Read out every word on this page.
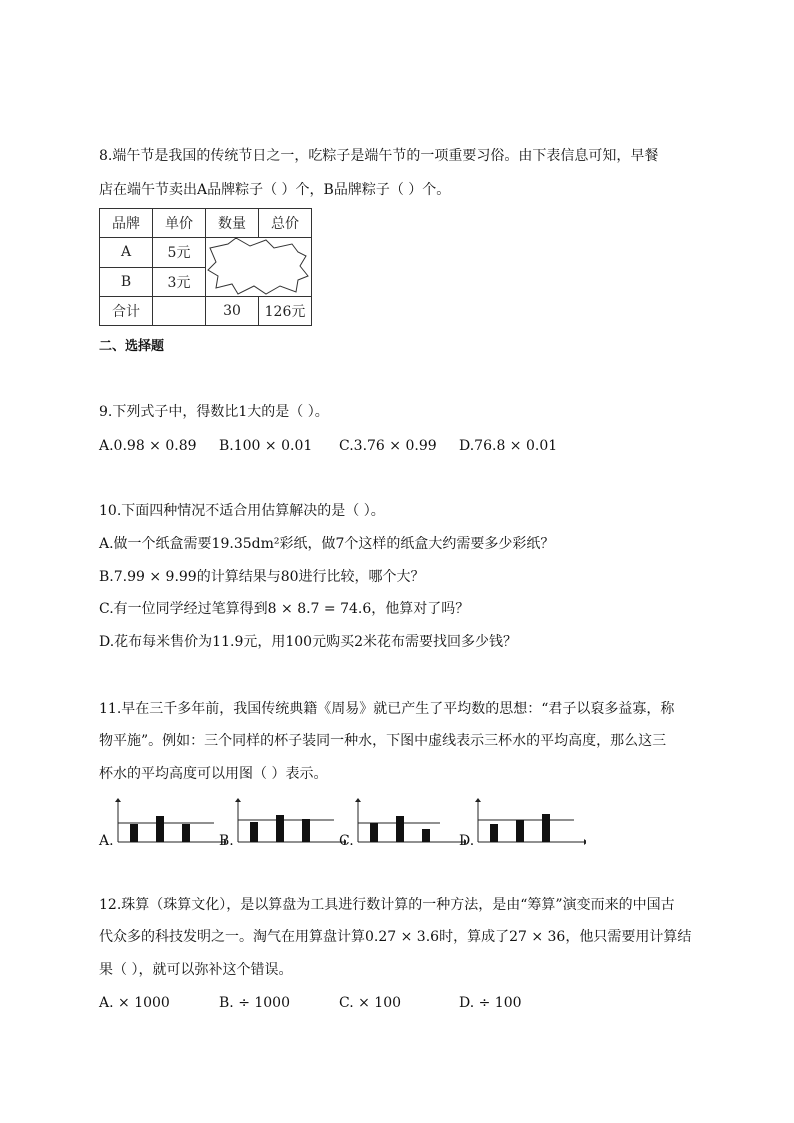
8.端午节是我国的传统节日之一，吃粽子是端午节的一项重要习俗。由下表信息可知，早餐
店在端午节卖出A品牌粽子（ ）个，B品牌粽子（ ）个。
品牌	单价	数量	总价
A	5元	

B	3元		
合计		30	126元
二、选择题
9.下列式子中，得数比1大的是（ ）。
A.0.98 × 0.89 B.100 × 0.01 C.3.76 × 0.99 D.76.8 × 0.01
10.下面四种情况不适合用估算解决的是（ ）。
A.做一个纸盒需要19.35dm²彩纸，做7个这样的纸盒大约需要多少彩纸？
B.7.99 × 9.99的计算结果与80进行比较，哪个大？
C.有一位同学经过笔算得到8 × 8.7 = 74.6，他算对了吗？
D.花布每米售价为11.9元，用100元购买2米花布需要找回多少钱？
11.早在三千多年前，我国传统典籍《周易》就已产生了平均数的思想：“君子以裒多益寡，称
物平施”。例如：三个同样的杯子装同一种水，下图中虚线表示三杯水的平均高度，那么这三
杯水的平均高度可以用图（ ）表示。
A.	B.	C.	D.
12.珠算（珠算文化），是以算盘为工具进行数计算的一种方法，是由“筹算”演变而来的中国古
代众多的科技发明之一。淘气在用算盘计算0.27 × 3.6时，算成了27 × 36，他只需要用计算结
果（ ），就可以弥补这个错误。
A. × 1000	B. ÷ 1000	C. × 100	D. ÷ 100
